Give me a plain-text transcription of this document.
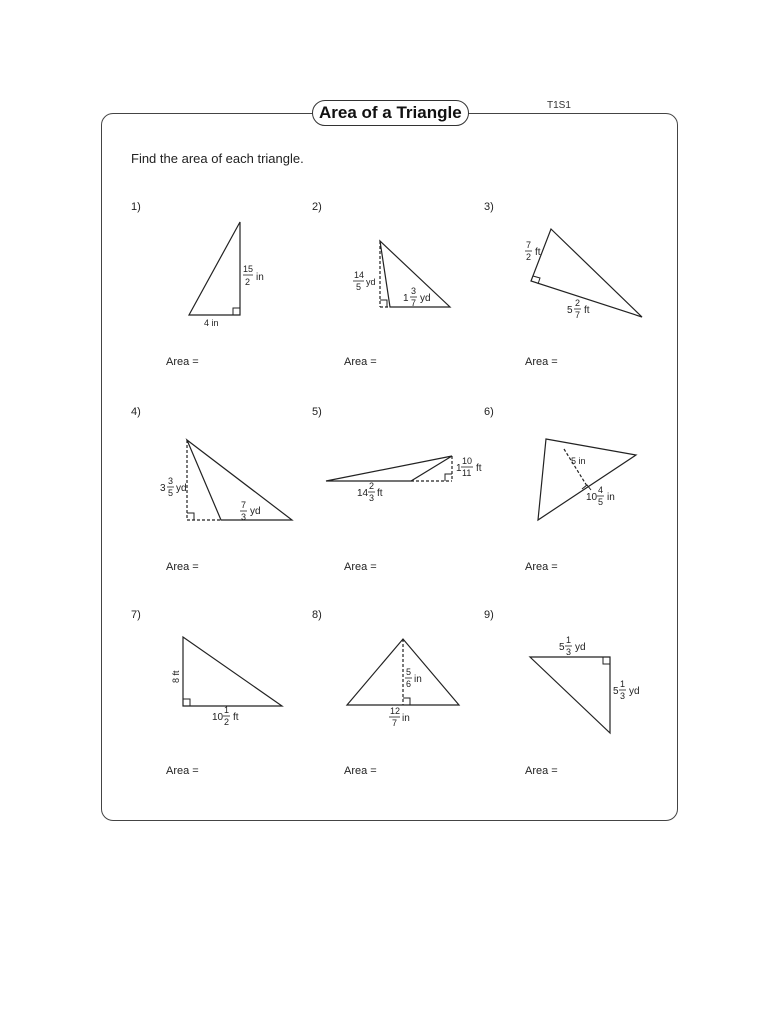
Area of a Triangle	T1S1
Find the area of each triangle.
1)	2)	3)
4)	5)	6)
7)	8)	9)
Area =	Area =	Area =
Area =	Area =	Area =
Area =	Area =	Area =
15
2 in
4 in
14
5 yd
1
3
7 yd
7
2 ft
5
2
7 ft
3
3
5 yd
7
3 yd
1
10
11 ft
14
2
3 ft
5 in
10
4
5 in
8 ft
10
1
2 ft
5
6 in
12
7 in
5
1
3 yd
5
1
3 yd
